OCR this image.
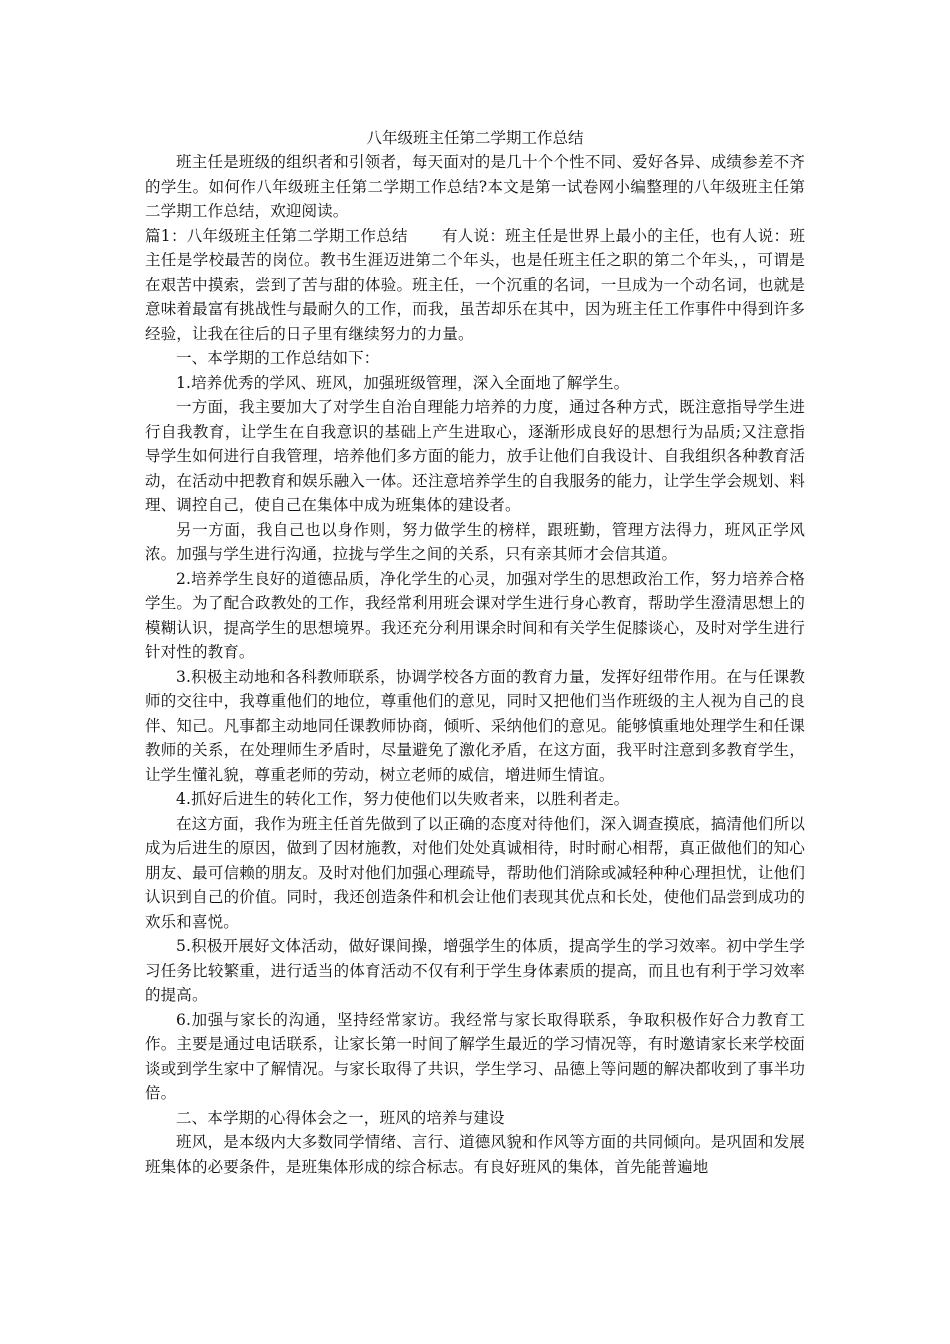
八年级班主任第二学期工作总结

班主任是班级的组织者和引领者，每天面对的是几十个个性不同、爱好各异、成绩参差不齐的学生。如何作八年级班主任第二学期工作总结?本文是第一试卷网小编整理的八年级班主任第二学期工作总结，欢迎阅读。

篇1：八年级班主任第二学期工作总结 有人说：班主任是世界上最小的主任，也有人说：班主任是学校最苦的岗位。教书生涯迈进第二个年头，也是任班主任之职的第二个年头，，可谓是在艰苦中摸索，尝到了苦与甜的体验。班主任，一个沉重的名词，一旦成为一个动名词，也就是意味着最富有挑战性与最耐久的工作，而我，虽苦却乐在其中，因为班主任工作事件中得到许多经验，让我在往后的日子里有继续努力的力量。

一、本学期的工作总结如下：

1.培养优秀的学风、班风，加强班级管理，深入全面地了解学生。

一方面，我主要加大了对学生自治自理能力培养的力度，通过各种方式，既注意指导学生进行自我教育，让学生在自我意识的基础上产生进取心，逐渐形成良好的思想行为品质;又注意指导学生如何进行自我管理，培养他们多方面的能力，放手让他们自我设计、自我组织各种教育活动，在活动中把教育和娱乐融入一体。还注意培养学生的自我服务的能力，让学生学会规划、料理、调控自己，使自己在集体中成为班集体的建设者。

另一方面，我自己也以身作则，努力做学生的榜样，跟班勤，管理方法得力，班风正学风浓。加强与学生进行沟通，拉拢与学生之间的关系，只有亲其师才会信其道。

2.培养学生良好的道德品质，净化学生的心灵，加强对学生的思想政治工作，努力培养合格学生。为了配合政教处的工作，我经常利用班会课对学生进行身心教育，帮助学生澄清思想上的模糊认识，提高学生的思想境界。我还充分利用课余时间和有关学生促膝谈心，及时对学生进行针对性的教育。

3.积极主动地和各科教师联系，协调学校各方面的教育力量，发挥好纽带作用。在与任课教师的交往中，我尊重他们的地位，尊重他们的意见，同时又把他们当作班级的主人视为自己的良伴、知己。凡事都主动地同任课教师协商，倾听、采纳他们的意见。能够慎重地处理学生和任课教师的关系，在处理师生矛盾时，尽量避免了激化矛盾，在这方面，我平时注意到多教育学生，让学生懂礼貌，尊重老师的劳动，树立老师的威信，增进师生情谊。

4.抓好后进生的转化工作，努力使他们以失败者来，以胜利者走。

在这方面，我作为班主任首先做到了以正确的态度对待他们，深入调查摸底，搞清他们所以成为后进生的原因，做到了因材施教，对他们处处真诚相待，时时耐心相帮，真正做他们的知心朋友、最可信赖的朋友。及时对他们加强心理疏导，帮助他们消除或减轻种种心理担忧，让他们认识到自己的价值。同时，我还创造条件和机会让他们表现其优点和长处，使他们品尝到成功的欢乐和喜悦。

5.积极开展好文体活动，做好课间操，增强学生的体质，提高学生的学习效率。初中学生学习任务比较繁重，进行适当的体育活动不仅有利于学生身体素质的提高，而且也有利于学习效率的提高。

6.加强与家长的沟通，坚持经常家访。我经常与家长取得联系，争取积极作好合力教育工作。主要是通过电话联系，让家长第一时间了解学生最近的学习情况等，有时邀请家长来学校面谈或到学生家中了解情况。与家长取得了共识，学生学习、品德上等问题的解决都收到了事半功倍。

二、本学期的心得体会之一，班风的培养与建设

班风，是本级内大多数同学情绪、言行、道德风貌和作风等方面的共同倾向。是巩固和发展班集体的必要条件，是班集体形成的综合标志。有良好班风的集体，首先能普遍地
